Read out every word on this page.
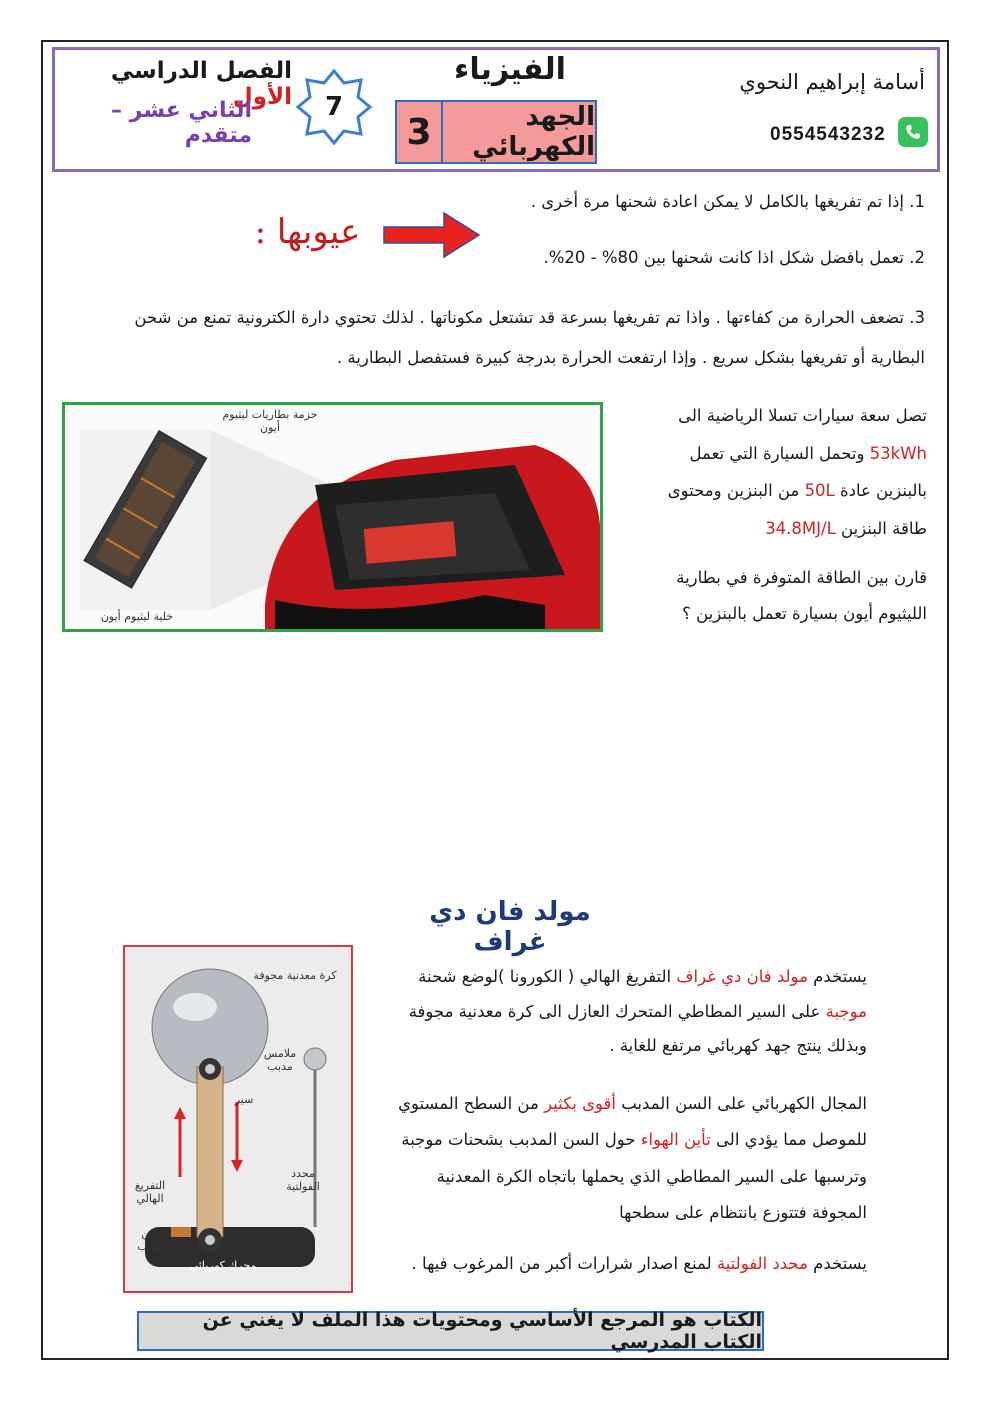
الفصل الدراسي الأول
الثاني عشر – متقدم
7
الفيزياء
3	الجهد الكهربائي
أسامة إبراهيم النحوي
0554543232
عيوبها :
1. إذا تم تفريغها بالكامل لا يمكن اعادة شحنها مرة أخرى .
2. تعمل بافضل شكل اذا كانت شحنها بين 80% - 20%.
3. تضعف الحرارة من كفاءتها . واذا تم تفريغها بسرعة قد تشتعل مكوناتها . لذلك تحتوي دارة الكترونية تمنع من شحن البطارية أو تفريغها بشكل سريع . وإذا ارتفعت الحرارة بدرجة كبيرة فستفصل البطارية .
حزمة بطاريات ليثيوم أيون
خلية ليثيوم أيون
تصل سعة سيارات تسلا الرياضية الى
53kWh وتحمل السيارة التي تعمل
بالبنزين عادة 50L من البنزين ومحتوى
طاقة البنزين 34.8MJ/L
قارن بين الطاقة المتوفرة في بطارية الليثيوم أيون بسيارة تعمل بالبنزين ؟
مولد فان دي غراف
كرة معدنية مجوفة
ملامس مدبب
سير
التفريغ الهالي
محدد الفولتية
سن مدبب
محرك كهربائي
يستخدم مولد فان دي غراف التفريغ الهالي ( الكورونا )لوضع شحنة موجبة على السير المطاطي المتحرك العازل الى كرة معدنية مجوفة وبذلك ينتج جهد كهربائي مرتفع للغاية .
المجال الكهربائي على السن المدبب أقوى بكثير من السطح المستوي للموصل مما يؤدي الى تأين الهواء حول السن المدبب بشحنات موجبة وترسبها على السير المطاطي الذي يحملها باتجاه الكرة المعدنية المجوفة فتتوزع بانتظام على سطحها
يستخدم محدد الفولتية لمنع اصدار شرارات أكبر من المرغوب فيها .
الكتاب هو المرجع الأساسي ومحتويات هذا الملف لا يغني عن الكتاب المدرسي
